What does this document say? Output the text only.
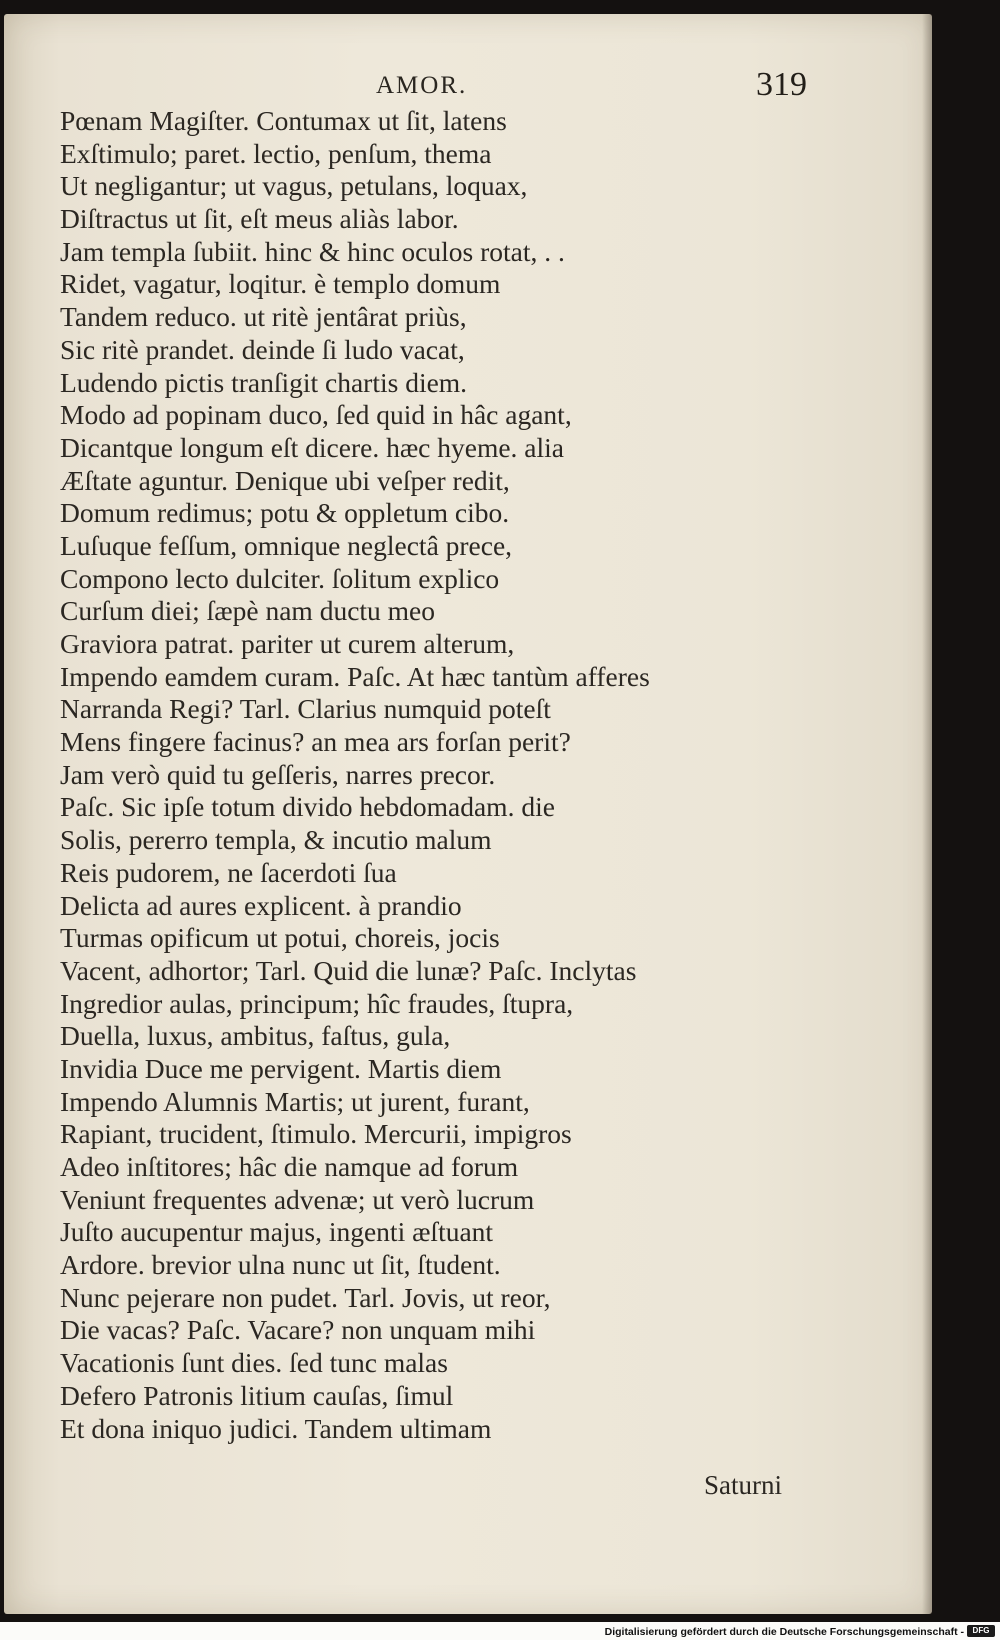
AMOR.	319
Pœnam Magiſter. Contumax ut ſit, latens
Exſtimulo; paret. lectio, penſum, thema
Ut negligantur; ut vagus, petulans, loquax,
Diſtractus ut ſit, eſt meus aliàs labor.
Jam templa ſubiit. hinc & hinc oculos rotat, . .
Ridet, vagatur, loqitur. è templo domum
Tandem reduco. ut ritè jentârat priùs,
Sic ritè prandet. deinde ſi ludo vacat,
Ludendo pictis tranſigit chartis diem.
Modo ad popinam duco, ſed quid in hâc agant,
Dicantque longum eſt dicere. hæc hyeme. alia
Æſtate aguntur. Denique ubi veſper redit,
Domum redimus; potu & oppletum cibo.
Luſuque feſſum, omnique neglectâ prece,
Compono lecto dulciter. ſolitum explico
Curſum diei; ſæpè nam ductu meo
Graviora patrat. pariter ut curem alterum,
Impendo eamdem curam. Paſc. At hæc tantùm afferes
Narranda Regi? Tarl. Clarius numquid poteſt
Mens fingere facinus? an mea ars forſan perit?
Jam verò quid tu geſſeris, narres precor.
Paſc. Sic ipſe totum divido hebdomadam. die
Solis, pererro templa, & incutio malum
Reis pudorem, ne ſacerdoti ſua
Delicta ad aures explicent. à prandio
Turmas opificum ut potui, choreis, jocis
Vacent, adhortor; Tarl. Quid die lunæ? Paſc. Inclytas
Ingredior aulas, principum; hîc fraudes, ſtupra,
Duella, luxus, ambitus, faſtus, gula,
Invidia Duce me pervigent. Martis diem
Impendo Alumnis Martis; ut jurent, furant,
Rapiant, trucident, ſtimulo. Mercurii, impigros
Adeo inſtitores; hâc die namque ad forum
Veniunt frequentes advenæ; ut verò lucrum
Juſto aucupentur majus, ingenti æſtuant
Ardore. brevior ulna nunc ut ſit, ſtudent.
Nunc pejerare non pudet. Tarl. Jovis, ut reor,
Die vacas? Paſc. Vacare? non unquam mihi
Vacationis ſunt dies. ſed tunc malas
Defero Patronis litium cauſas, ſimul
Et dona iniquo judici. Tandem ultimam
Saturni
Digitalisierung gefördert durch die Deutsche Forschungsgemeinschaft -	DFG
